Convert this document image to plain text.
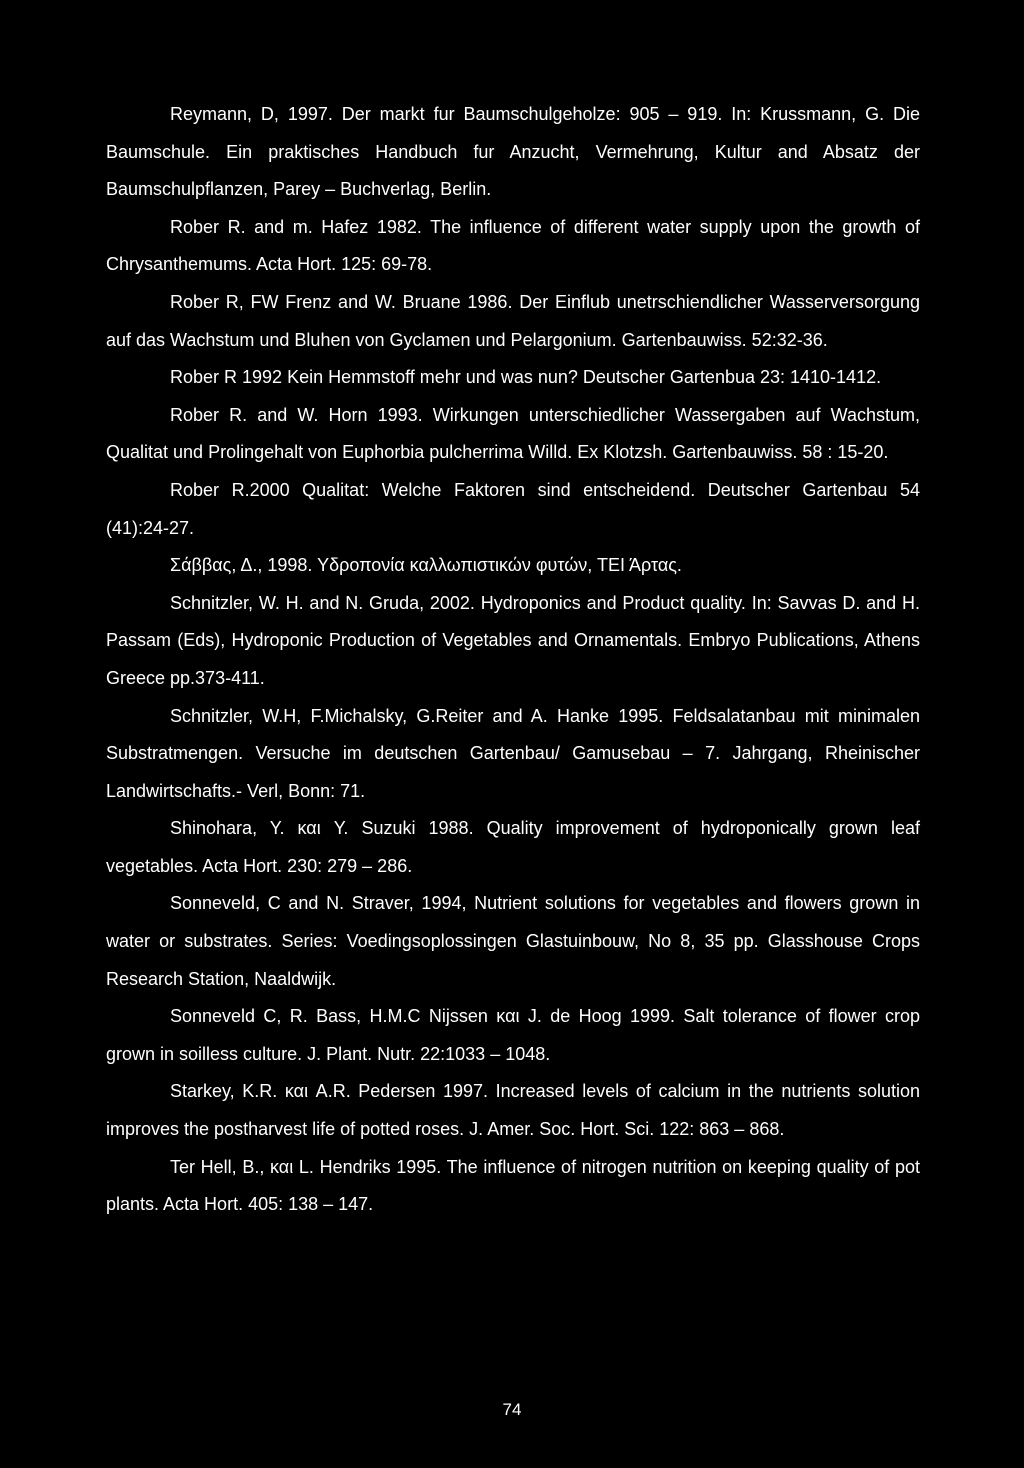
Reymann, D, 1997. Der markt fur Baumschulgeholze: 905 – 919. In: Krussmann, G. Die Baumschule. Ein praktisches Handbuch fur Anzucht, Vermehrung, Kultur and Absatz der Baumschulpflanzen, Parey – Buchverlag, Berlin.
Rober R. and m. Hafez 1982. The influence of different water supply upon the growth of Chrysanthemums. Acta Hort. 125: 69-78.
Rober R, FW Frenz and W. Bruane 1986. Der Einflub unetrschiendlicher Wasserversorgung auf das Wachstum und Bluhen von Gyclamen und Pelargonium. Gartenbauwiss. 52:32-36.
Rober R 1992 Kein Hemmstoff mehr und was nun? Deutscher Gartenbua 23: 1410-1412.
Rober R. and W. Horn 1993. Wirkungen unterschiedlicher Wassergaben auf Wachstum, Qualitat und Prolingehalt von Euphorbia pulcherrima Willd. Ex Klotzsh. Gartenbauwiss. 58 : 15-20.
Rober R.2000 Qualitat: Welche Faktoren sind entscheidend. Deutscher Gartenbau 54 (41):24-27.
Σάββας, Δ., 1998. Υδροπονία καλλωπιστικών φυτών, ΤΕΙ Άρτας.
Schnitzler, W. H. and N. Gruda, 2002. Hydroponics and Product quality. In: Savvas D. and H. Passam (Eds), Hydroponic Production of Vegetables and Ornamentals. Embryo Publications, Athens Greece pp.373-411.
Schnitzler, W.H, F.Michalsky, G.Reiter and A. Hanke 1995. Feldsalatanbau mit minimalen Substratmengen. Versuche im deutschen Gartenbau/ Gamusebau – 7. Jahrgang, Rheinischer Landwirtschafts.- Verl, Bonn: 71.
Shinohara, Y. και Y. Suzuki 1988. Quality improvement of hydroponically grown leaf vegetables. Acta Hort. 230: 279 – 286.
Sonneveld, C and N. Straver, 1994, Nutrient solutions for vegetables and flowers grown in water or substrates. Series: Voedingsoplossingen Glastuinbouw, No 8, 35 pp. Glasshouse Crops Research Station, Naaldwijk.
Sonneveld C, R. Bass, H.M.C Nijssen και J. de Hoog 1999. Salt tolerance of flower crop grown in soilless culture. J. Plant. Nutr. 22:1033 – 1048.
Starkey, K.R. και A.R. Pedersen 1997. Increased levels of calcium in the nutrients solution improves the postharvest life of potted roses. J. Amer. Soc. Hort. Sci. 122: 863 – 868.
Ter Hell, B., και L. Hendriks 1995. The influence of nitrogen nutrition on keeping quality of pot plants. Acta Hort. 405: 138 – 147.
74
